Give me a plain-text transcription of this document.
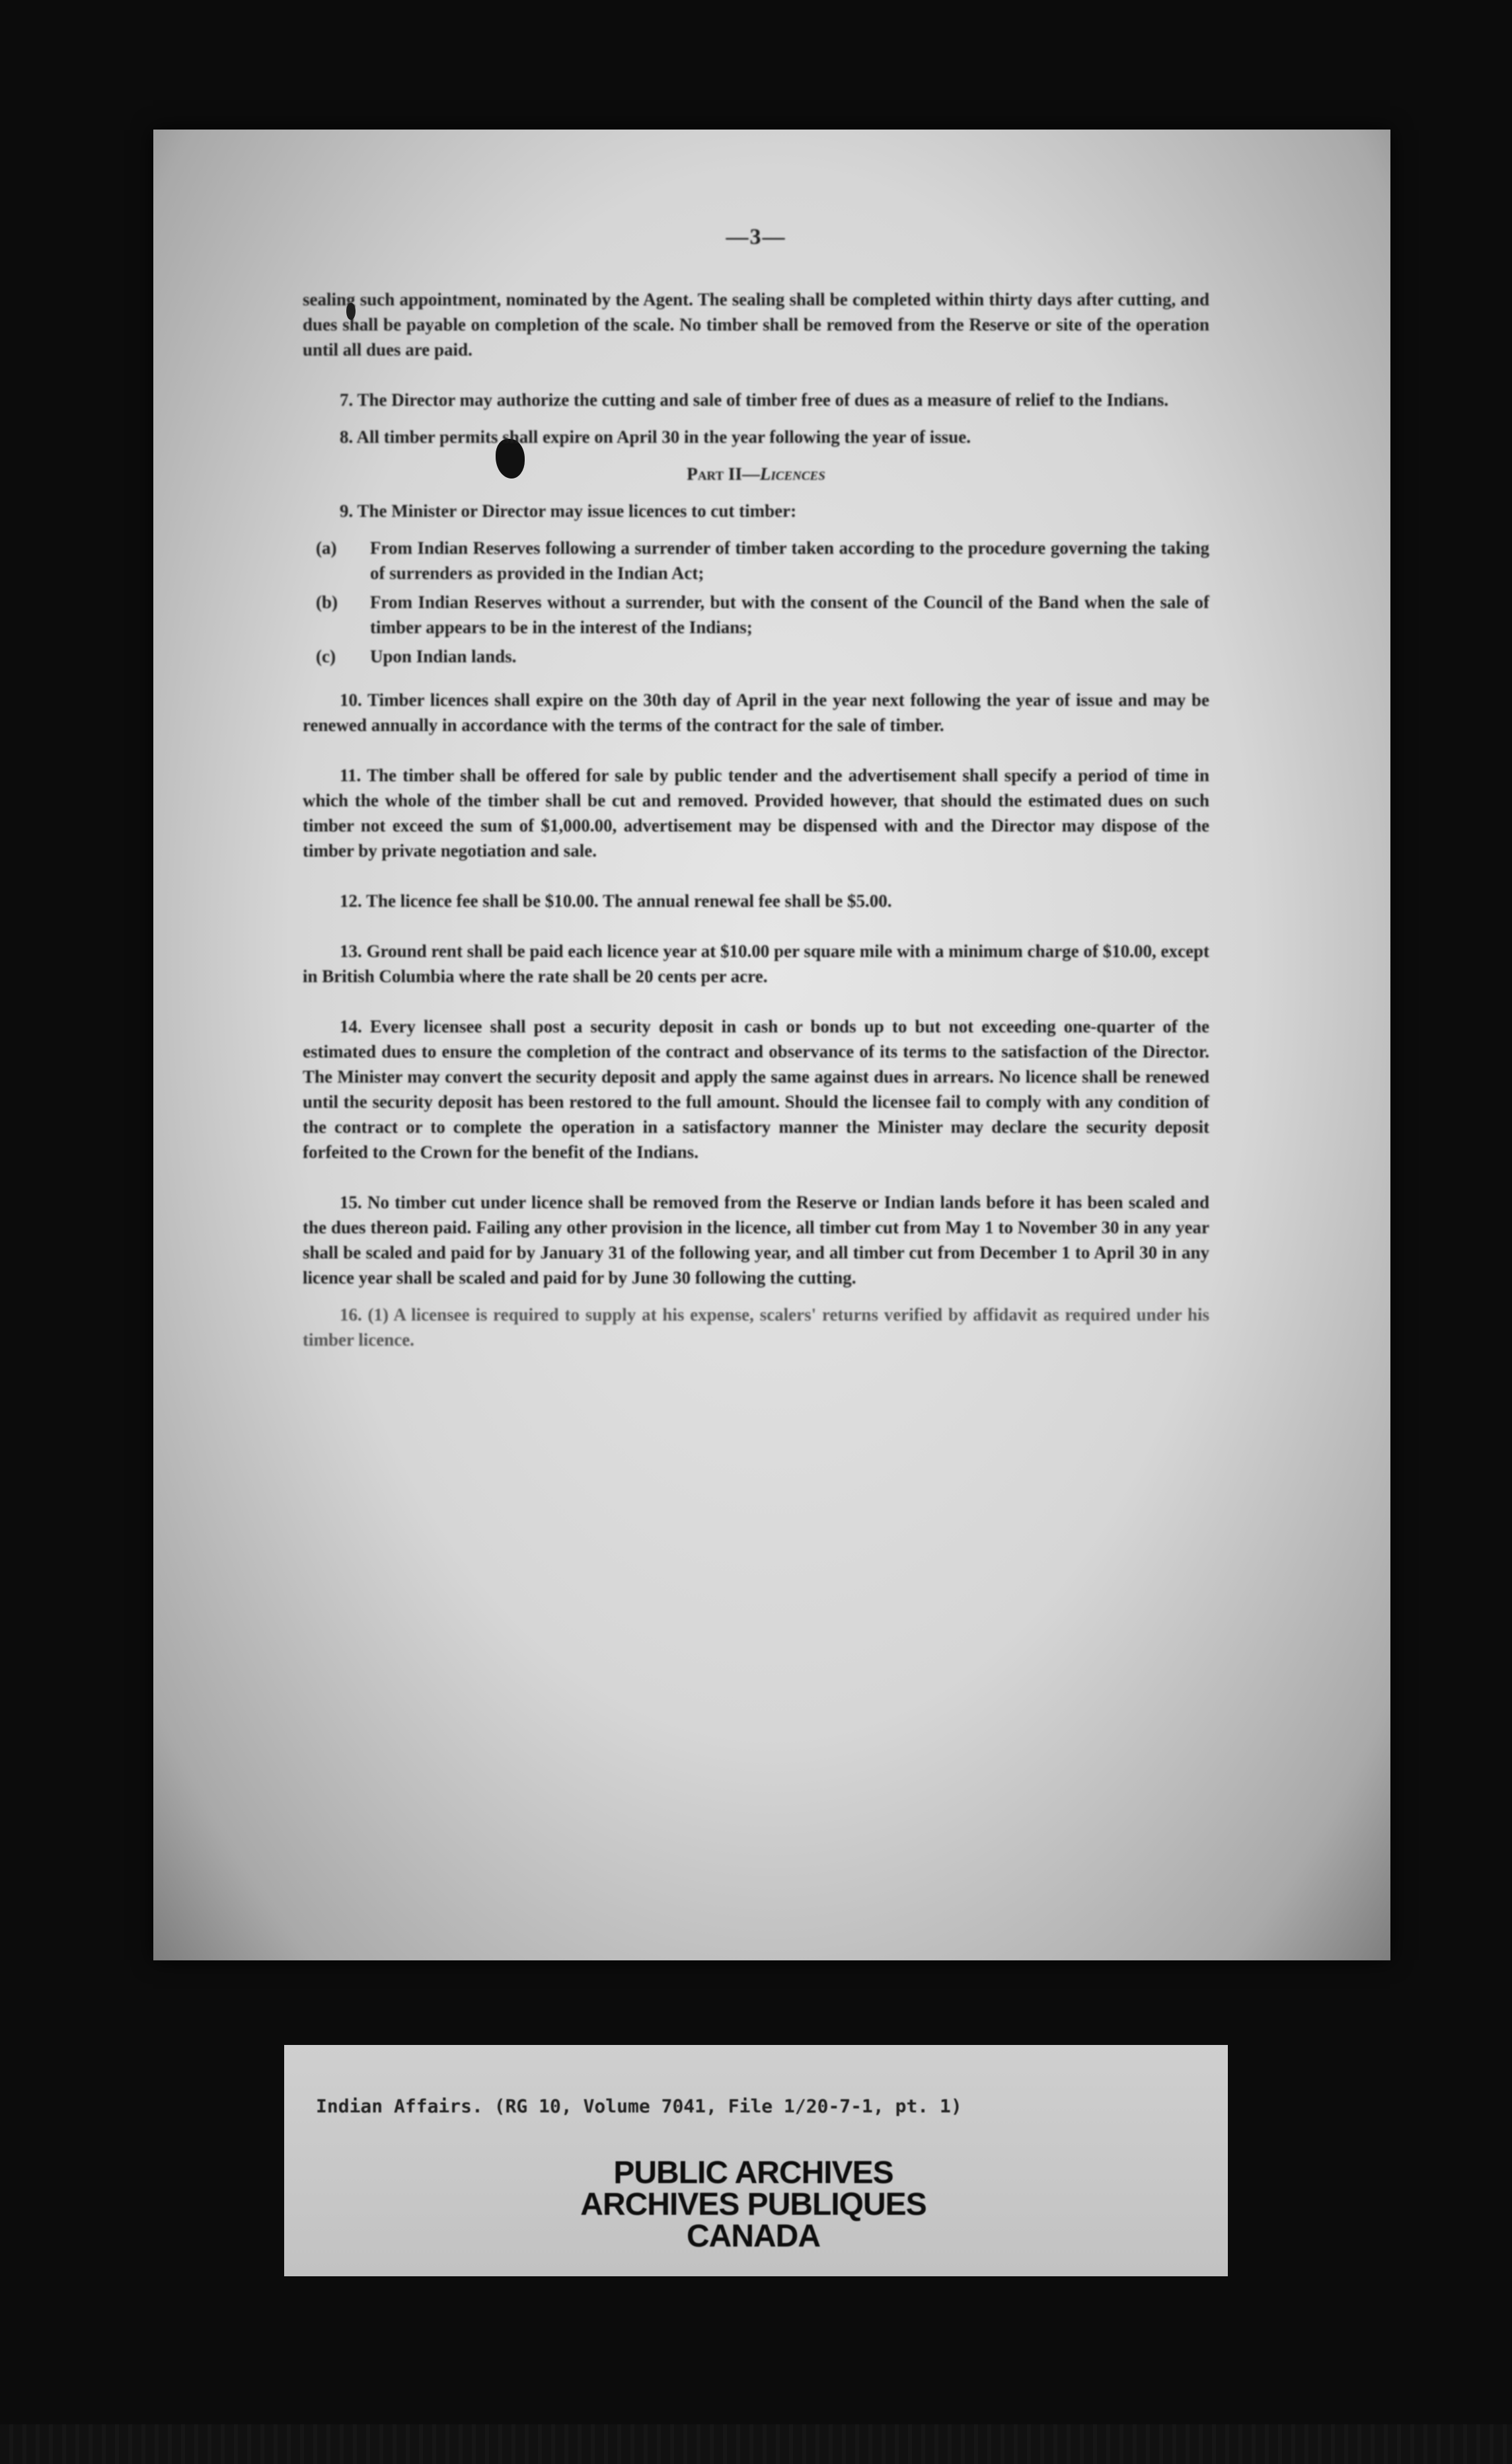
—3—

sealing such appointment, nominated by the Agent. The sealing shall be completed within thirty days after cutting, and dues shall be payable on completion of the scale. No timber shall be removed from the Reserve or site of the operation until all dues are paid.

7. The Director may authorize the cutting and sale of timber free of dues as a measure of relief to the Indians.

8. All timber permits shall expire on April 30 in the year following the year of issue.

Part II—Licences

9. The Minister or Director may issue licences to cut timber:

(a)	From Indian Reserves following a surrender of timber taken according to the procedure governing the taking of surrenders as provided in the Indian Act;
(b)	From Indian Reserves without a surrender, but with the consent of the Council of the Band when the sale of timber appears to be in the interest of the Indians;
(c)	Upon Indian lands.

10. Timber licences shall expire on the 30th day of April in the year next following the year of issue and may be renewed annually in accordance with the terms of the contract for the sale of timber.

11. The timber shall be offered for sale by public tender and the advertisement shall specify a period of time in which the whole of the timber shall be cut and removed. Provided however, that should the estimated dues on such timber not exceed the sum of $1,000.00, advertisement may be dispensed with and the Director may dispose of the timber by private negotiation and sale.

12. The licence fee shall be $10.00. The annual renewal fee shall be $5.00.

13. Ground rent shall be paid each licence year at $10.00 per square mile with a minimum charge of $10.00, except in British Columbia where the rate shall be 20 cents per acre.

14. Every licensee shall post a security deposit in cash or bonds up to but not exceeding one-quarter of the estimated dues to ensure the completion of the contract and observance of its terms to the satisfaction of the Director. The Minister may convert the security deposit and apply the same against dues in arrears. No licence shall be renewed until the security deposit has been restored to the full amount. Should the licensee fail to comply with any condition of the contract or to complete the operation in a satisfactory manner the Minister may declare the security deposit forfeited to the Crown for the benefit of the Indians.

15. No timber cut under licence shall be removed from the Reserve or Indian lands before it has been scaled and the dues thereon paid. Failing any other provision in the licence, all timber cut from May 1 to November 30 in any year shall be scaled and paid for by January 31 of the following year, and all timber cut from December 1 to April 30 in any licence year shall be scaled and paid for by June 30 following the cutting.

16. (1) A licensee is required to supply at his expense, scalers' returns verified by affidavit as required under his timber licence.

Indian Affairs. (RG 10, Volume 7041, File 1/20-7-1, pt. 1)
PUBLIC ARCHIVES
ARCHIVES PUBLIQUES
CANADA
